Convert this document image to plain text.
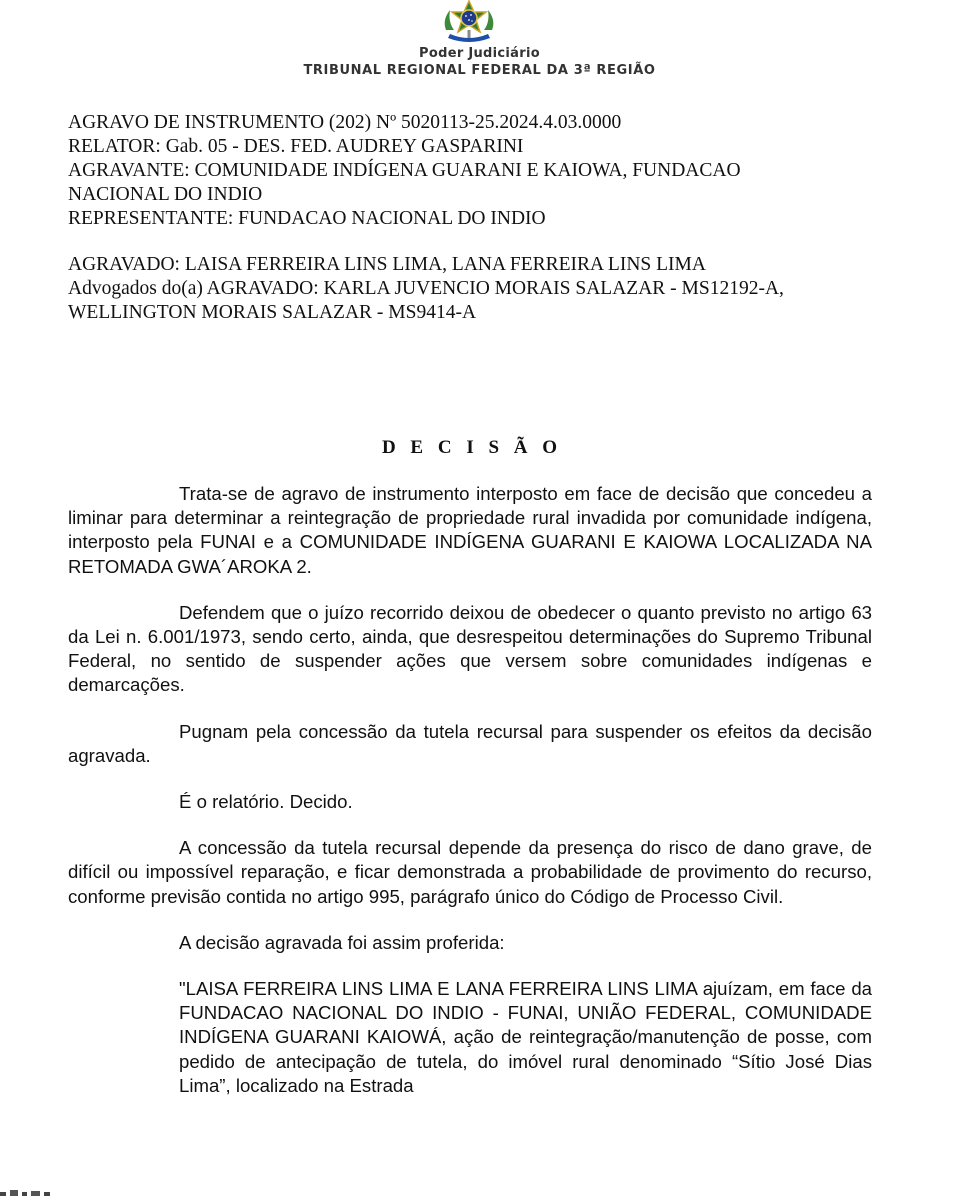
Poder Judiciário
TRIBUNAL REGIONAL FEDERAL DA 3ª REGIÃO
AGRAVO DE INSTRUMENTO (202) Nº 5020113-25.2024.4.03.0000
RELATOR: Gab. 05 - DES. FED. AUDREY GASPARINI
AGRAVANTE: COMUNIDADE INDÍGENA GUARANI E KAIOWA, FUNDACAO
NACIONAL DO INDIO
REPRESENTANTE: FUNDACAO NACIONAL DO INDIO
AGRAVADO: LAISA FERREIRA LINS LIMA, LANA FERREIRA LINS LIMA
Advogados do(a) AGRAVADO: KARLA JUVENCIO MORAIS SALAZAR - MS12192-A,
WELLINGTON MORAIS SALAZAR - MS9414-A
D E C I S Ã O

Trata-se de agravo de instrumento interposto em face de decisão que concedeu a liminar para determinar a reintegração de propriedade rural invadida por comunidade indígena, interposto pela FUNAI e a COMUNIDADE INDÍGENA GUARANI E KAIOWA LOCALIZADA NA RETOMADA GWA´AROKA 2.

Defendem que o juízo recorrido deixou de obedecer o quanto previsto no artigo 63 da Lei n. 6.001/1973, sendo certo, ainda, que desrespeitou determinações do Supremo Tribunal Federal, no sentido de suspender ações que versem sobre comunidades indígenas e demarcações.

Pugnam pela concessão da tutela recursal para suspender os efeitos da decisão agravada.

É o relatório. Decido.

A concessão da tutela recursal depende da presença do risco de dano grave, de difícil ou impossível reparação, e ficar demonstrada a probabilidade de provimento do recurso, conforme previsão contida no artigo 995, parágrafo único do Código de Processo Civil.

A decisão agravada foi assim proferida:

"LAISA FERREIRA LINS LIMA E LANA FERREIRA LINS LIMA ajuízam, em face da FUNDACAO NACIONAL DO INDIO - FUNAI, UNIÃO FEDERAL, COMUNIDADE INDÍGENA GUARANI KAIOWÁ, ação de reintegração/manutenção de posse, com pedido de antecipação de tutela, do imóvel rural denominado “Sítio José Dias Lima”, localizado na Estrada
